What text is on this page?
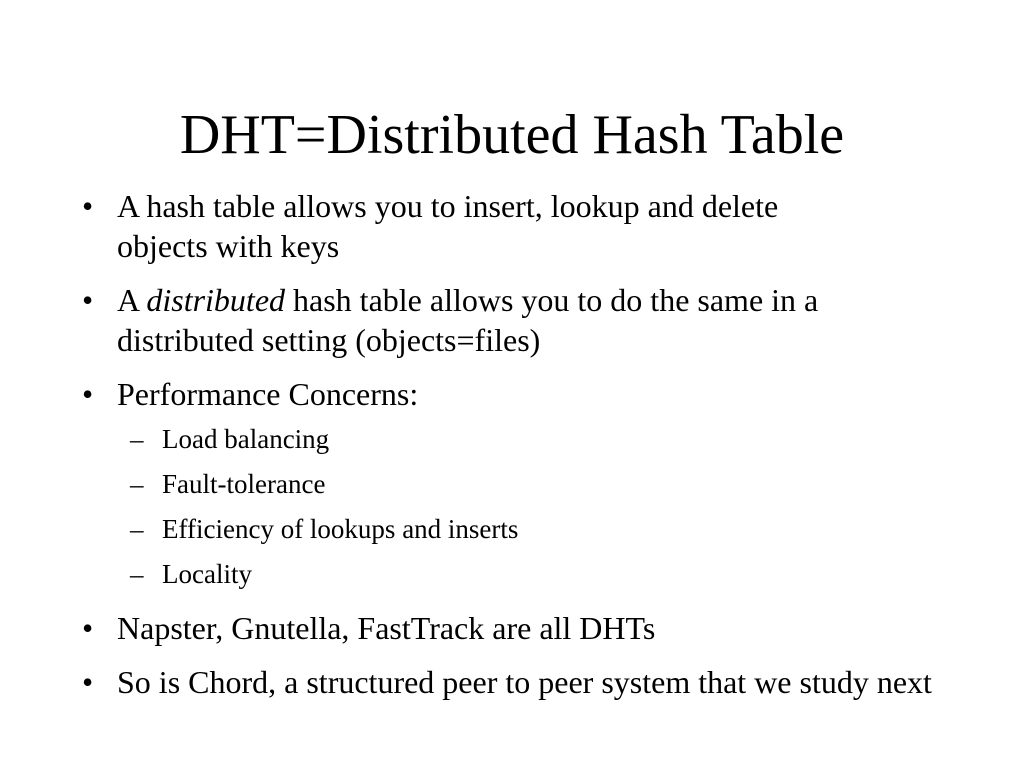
DHT=Distributed Hash Table
• A hash table allows you to insert, lookup and delete objects with keys
• A distributed hash table allows you to do the same in a distributed setting (objects=files)
• Performance Concerns:
– Load balancing
– Fault-tolerance
– Efficiency of lookups and inserts
– Locality
• Napster, Gnutella, FastTrack are all DHTs
• So is Chord, a structured peer to peer system that we study next
